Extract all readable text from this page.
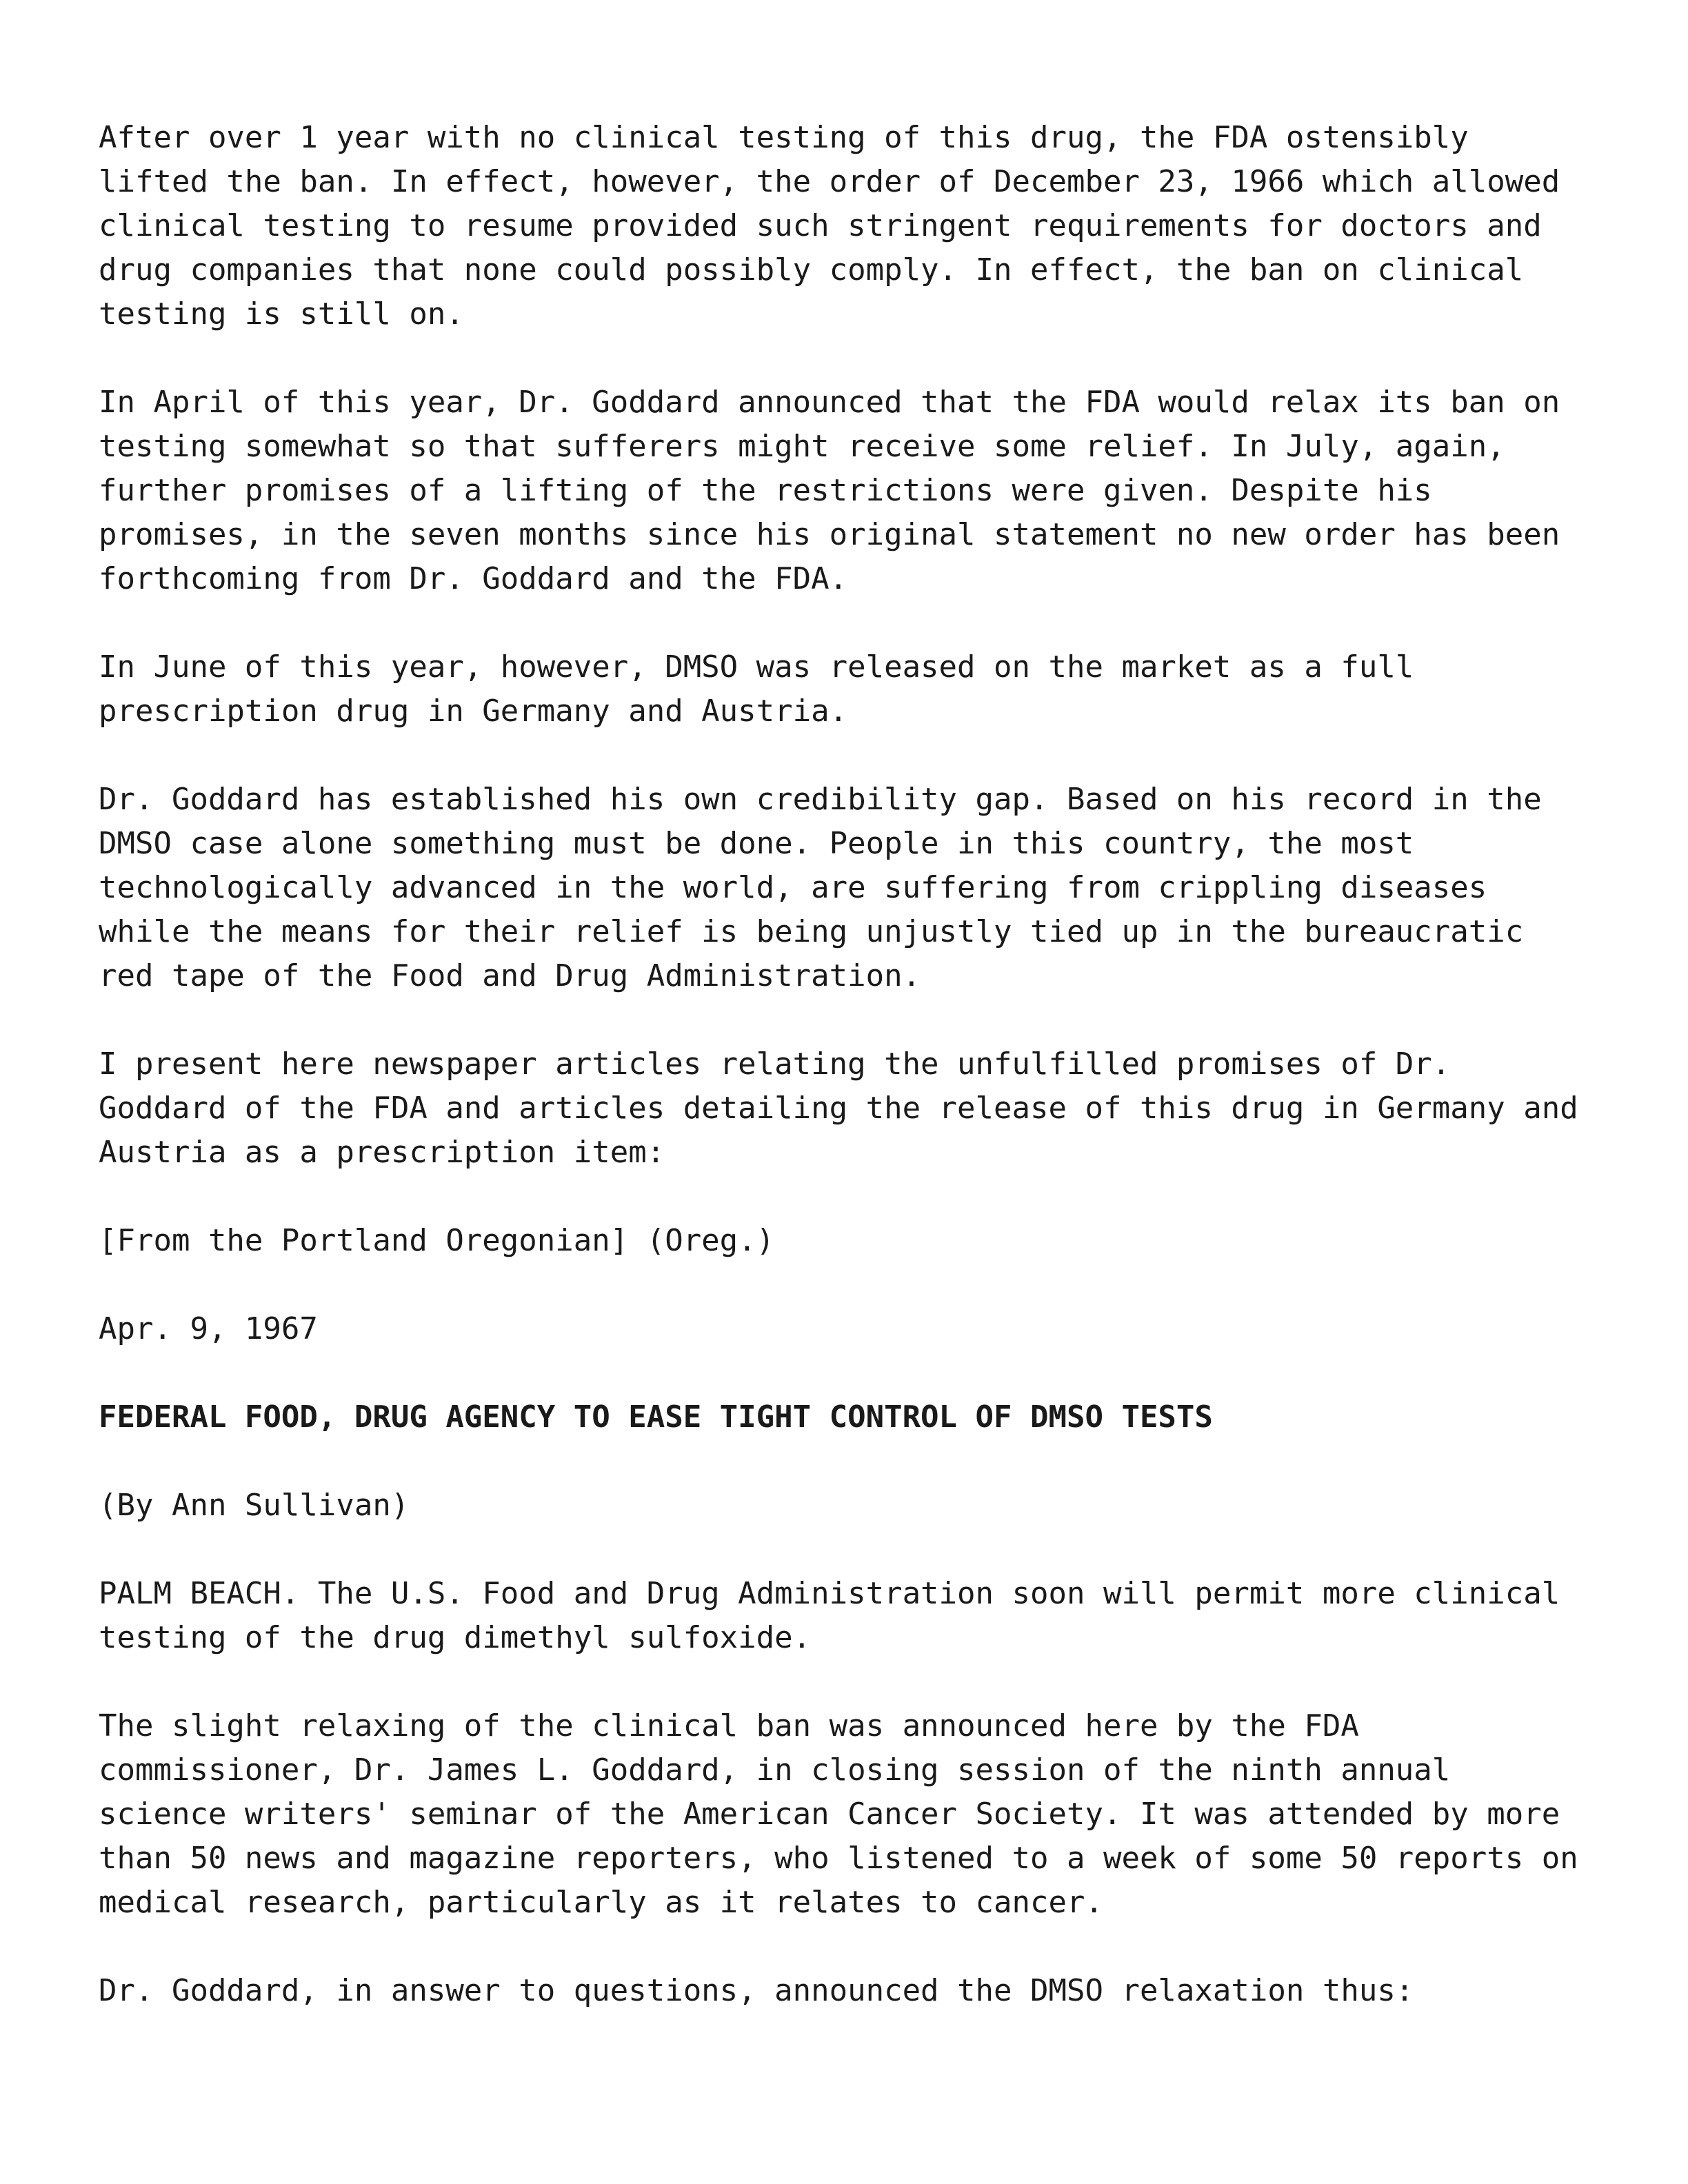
After over 1 year with no clinical testing of this drug, the FDA ostensibly
lifted the ban. In effect, however, the order of December 23, 1966 which allowed
clinical testing to resume provided such stringent requirements for doctors and
drug companies that none could possibly comply. In effect, the ban on clinical
testing is still on.

In April of this year, Dr. Goddard announced that the FDA would relax its ban on
testing somewhat so that sufferers might receive some relief. In July, again,
further promises of a lifting of the restrictions were given. Despite his
promises, in the seven months since his original statement no new order has been
forthcoming from Dr. Goddard and the FDA.

In June of this year, however, DMSO was released on the market as a full
prescription drug in Germany and Austria.

Dr. Goddard has established his own credibility gap. Based on his record in the
DMSO case alone something must be done. People in this country, the most
technologically advanced in the world, are suffering from crippling diseases
while the means for their relief is being unjustly tied up in the bureaucratic
red tape of the Food and Drug Administration.

I present here newspaper articles relating the unfulfilled promises of Dr.
Goddard of the FDA and articles detailing the release of this drug in Germany and
Austria as a prescription item:

[From the Portland Oregonian] (Oreg.)

Apr. 9, 1967

FEDERAL FOOD, DRUG AGENCY TO EASE TIGHT CONTROL OF DMSO TESTS

(By Ann Sullivan)

PALM BEACH. The U.S. Food and Drug Administration soon will permit more clinical
testing of the drug dimethyl sulfoxide.

The slight relaxing of the clinical ban was announced here by the FDA
commissioner, Dr. James L. Goddard, in closing session of the ninth annual
science writers' seminar of the American Cancer Society. It was attended by more
than 50 news and magazine reporters, who listened to a week of some 50 reports on
medical research, particularly as it relates to cancer.

Dr. Goddard, in answer to questions, announced the DMSO relaxation thus:
